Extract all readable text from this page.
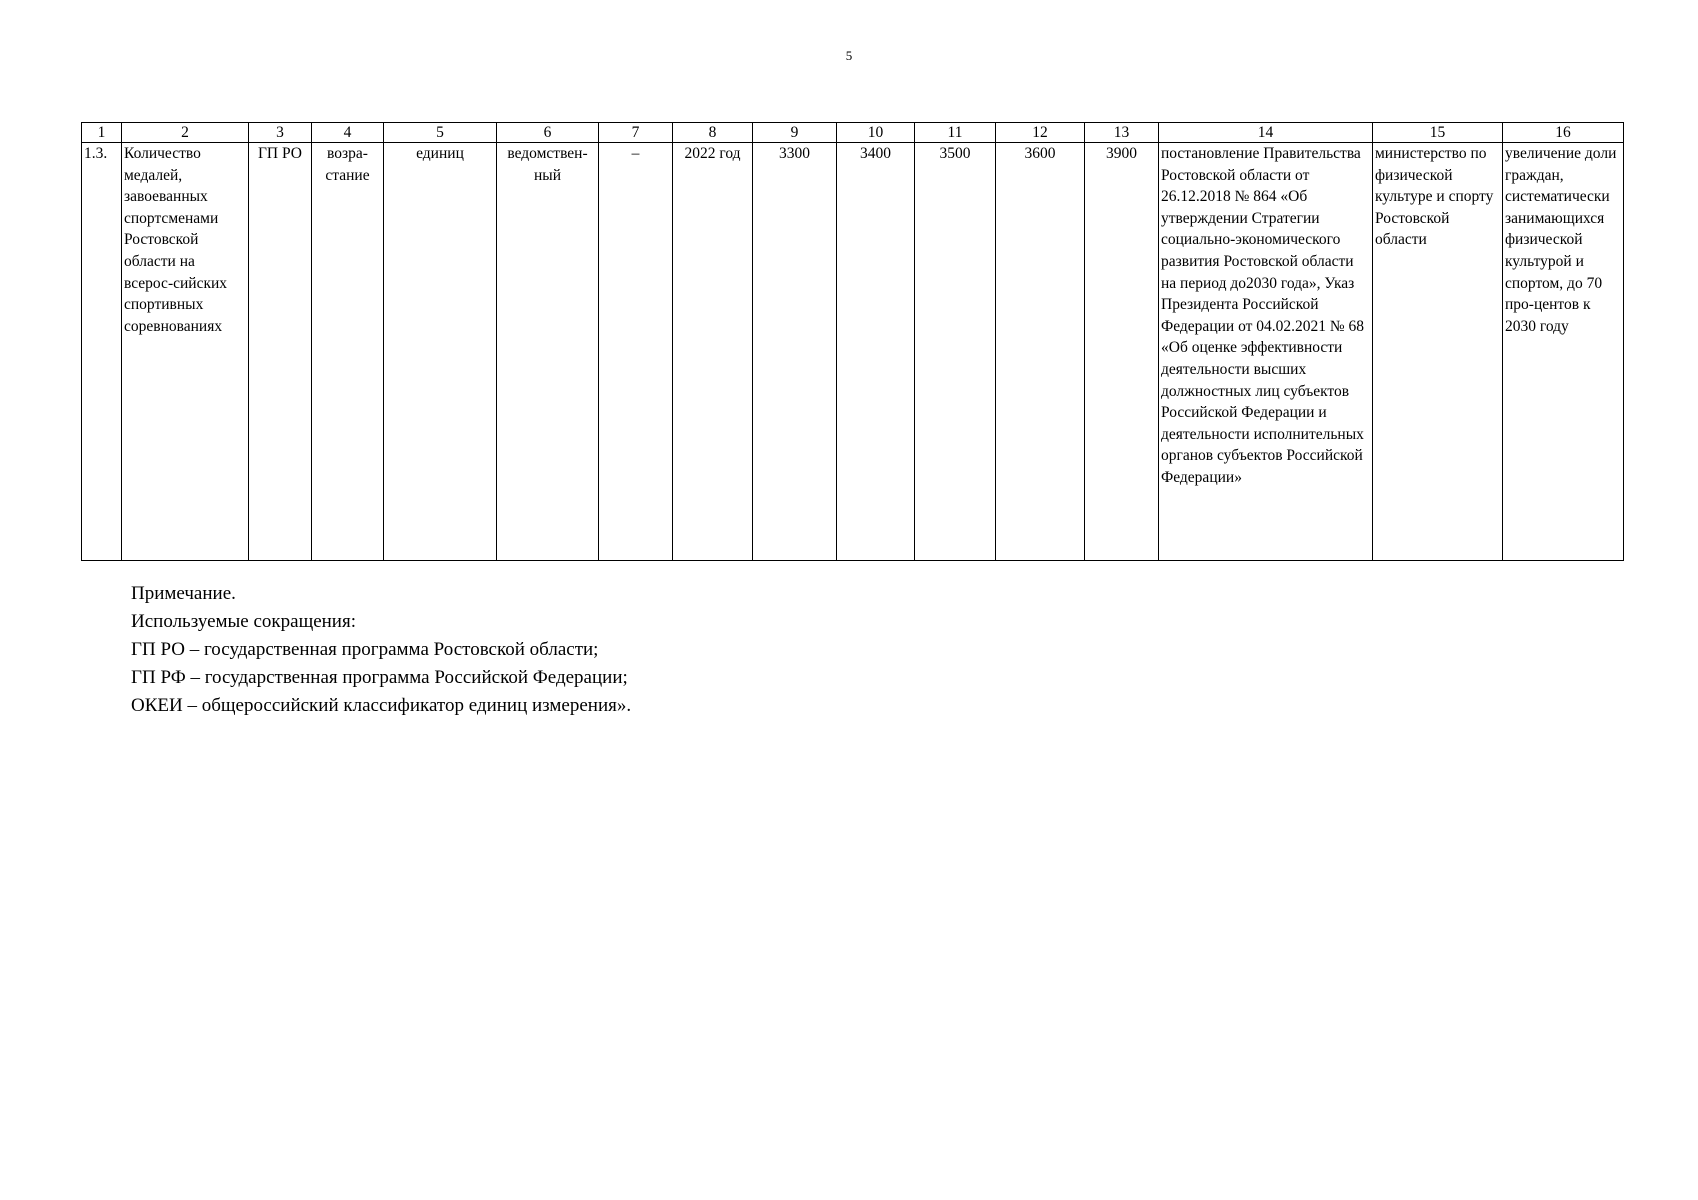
5
1	2	3	4	5	6	7	8	9	10	11	12	13	14	15	16
1.3.	Количество медалей, завоеванных спортсменами Ростовской области на всерос-сийских спортивных соревнованиях	ГП РО	возра-стание	единиц	ведомствен-ный	–	2022 год	3300	3400	3500	3600	3900	постановление Правительства Ростовской области от 26.12.2018 № 864 «Об утверждении Стратегии социально-экономического развития Ростовской области на период до2030 года», Указ Президента Российской Федерации от 04.02.2021 № 68 «Об оценке эффективности деятельности высших должностных лиц субъектов Российской Федерации и деятельности исполнительных органов субъектов Российской Федерации»	министерство по физической культуре и спорту Ростовской области	увеличение доли граждан, систематически занимающихся физической культурой и спортом, до 70 про-центов к 2030 году
Примечание.
Используемые сокращения:
ГП РО – государственная программа Ростовской области;
ГП РФ – государственная программа Российской Федерации;
ОКЕИ – общероссийский классификатор единиц измерения».
